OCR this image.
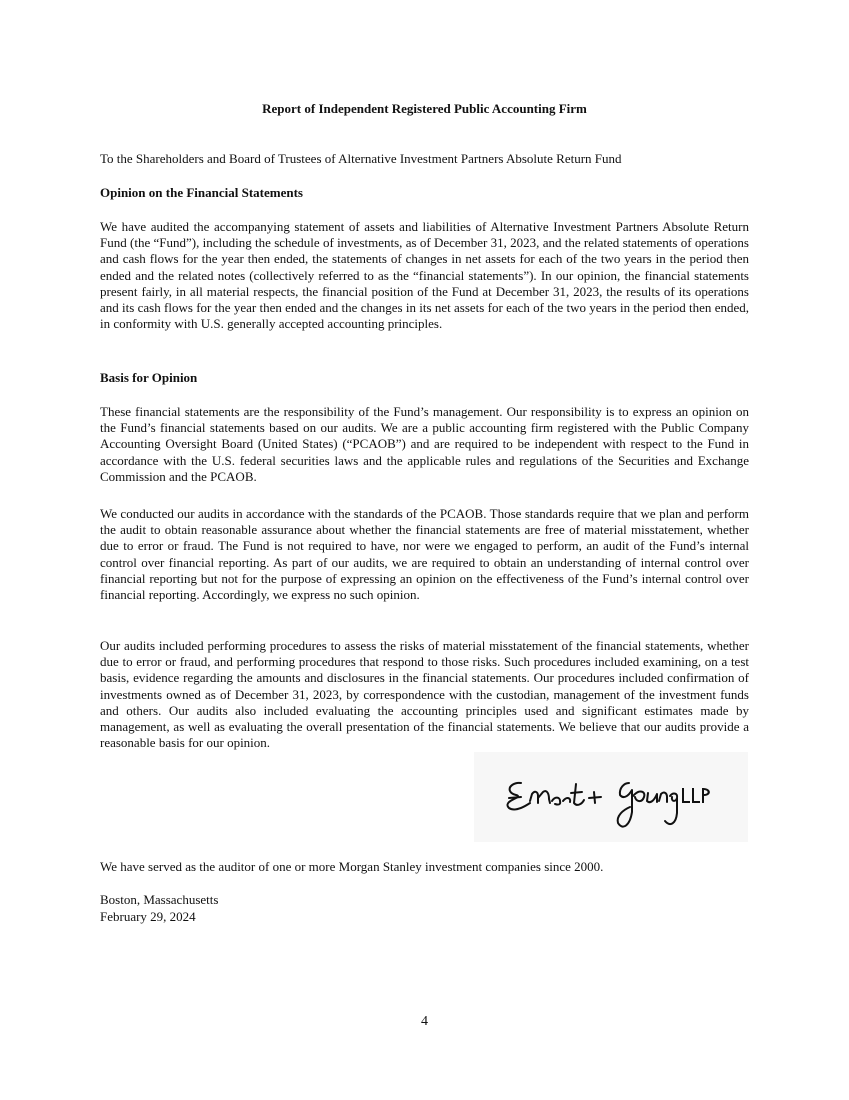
Report of Independent Registered Public Accounting Firm
To the Shareholders and Board of Trustees of Alternative Investment Partners Absolute Return Fund
Opinion on the Financial Statements
We have audited the accompanying statement of assets and liabilities of Alternative Investment Partners Absolute Return Fund (the “Fund”), including the schedule of investments, as of December 31, 2023, and the related statements of operations and cash flows for the year then ended, the statements of changes in net assets for each of the two years in the period then ended and the related notes (collectively referred to as the “financial statements”). In our opinion, the financial statements present fairly, in all material respects, the financial position of the Fund at December 31, 2023, the results of its operations and its cash flows for the year then ended and the changes in its net assets for each of the two years in the period then ended, in conformity with U.S. generally accepted accounting principles.
Basis for Opinion
These financial statements are the responsibility of the Fund’s management. Our responsibility is to express an opinion on the Fund’s financial statements based on our audits. We are a public accounting firm registered with the Public Company Accounting Oversight Board (United States) (“PCAOB”) and are required to be independent with respect to the Fund in accordance with the U.S. federal securities laws and the applicable rules and regulations of the Securities and Exchange Commission and the PCAOB.
We conducted our audits in accordance with the standards of the PCAOB. Those standards require that we plan and perform the audit to obtain reasonable assurance about whether the financial statements are free of material misstatement, whether due to error or fraud. The Fund is not required to have, nor were we engaged to perform, an audit of the Fund’s internal control over financial reporting. As part of our audits, we are required to obtain an understanding of internal control over financial reporting but not for the purpose of expressing an opinion on the effectiveness of the Fund’s internal control over financial reporting. Accordingly, we express no such opinion.
Our audits included performing procedures to assess the risks of material misstatement of the financial statements, whether due to error or fraud, and performing procedures that respond to those risks. Such procedures included examining, on a test basis, evidence regarding the amounts and disclosures in the financial statements. Our procedures included confirmation of investments owned as of December 31, 2023, by correspondence with the custodian, management of the investment funds and others. Our audits also included evaluating the accounting principles used and significant estimates made by management, as well as evaluating the overall presentation of the financial statements. We believe that our audits provide a reasonable basis for our opinion.
We have served as the auditor of one or more Morgan Stanley investment companies since 2000.
Boston, Massachusetts
February 29, 2024
4
